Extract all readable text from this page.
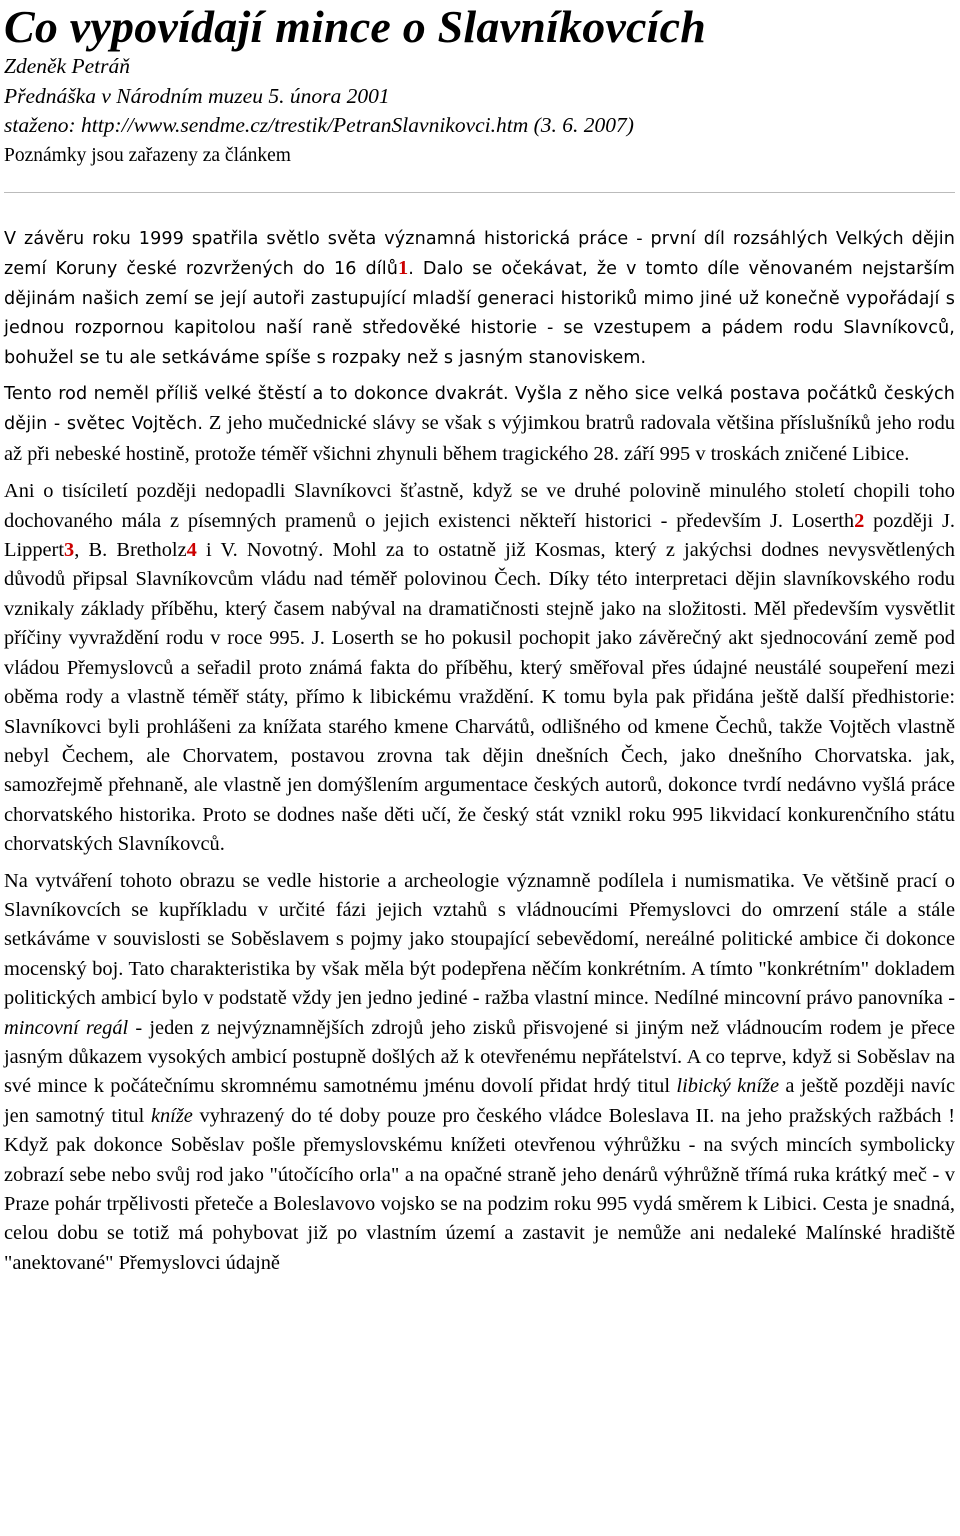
Co vypovídají mince o Slavníkovcích
Zdeněk Petráň
Přednáška v Národním muzeu 5. února 2001
staženo: http://www.sendme.cz/trestik/PetranSlavnikovci.htm (3. 6. 2007)
Poznámky jsou zařazeny za článkem

V závěru roku 1999 spatřila světlo světa významná historická práce - první díl rozsáhlých Velkých dějin zemí Koruny české rozvržených do 16 dílů1. Dalo se očekávat, že v tomto díle věnovaném nejstarším dějinám našich zemí se její autoři zastupující mladší generaci historiků mimo jiné už konečně vypořádají s jednou rozpornou kapitolou naší raně středověké historie - se vzestupem a pádem rodu Slavníkovců, bohužel se tu ale setkáváme spíše s rozpaky než s jasným stanoviskem.

Tento rod neměl příliš velké štěstí a to dokonce dvakrát. Vyšla z něho sice velká postava počátků českých dějin - světec Vojtěch. Z jeho mučednické slávy se však s výjimkou bratrů radovala většina příslušníků jeho rodu až při nebeské hostině, protože téměř všichni zhynuli během tragického 28. září 995 v troskách zničené Libice.

Ani o tisíciletí později nedopadli Slavníkovci šťastně, když se ve druhé polovině minulého století chopili toho dochovaného mála z písemných pramenů o jejich existenci někteří historici - především J. Loserth2 později J. Lippert3, B. Bretholz4 i V. Novotný. Mohl za to ostatně již Kosmas, který z jakýchsi dodnes nevysvětlených důvodů připsal Slavníkovcům vládu nad téměř polovinou Čech. Díky této interpretaci dějin slavníkovského rodu vznikaly základy příběhu, který časem nabýval na dramatičnosti stejně jako na složitosti. Měl především vysvětlit příčiny vyvraždění rodu v roce 995. J. Loserth se ho pokusil pochopit jako závěrečný akt sjednocování země pod vládou Přemyslovců a seřadil proto známá fakta do příběhu, který směřoval přes údajné neustálé soupeření mezi oběma rody a vlastně téměř státy, přímo k libickému vraždění. K tomu byla pak přidána ještě další předhistorie: Slavníkovci byli prohlášeni za knížata starého kmene Charvátů, odlišného od kmene Čechů, takže Vojtěch vlastně nebyl Čechem, ale Chorvatem, postavou zrovna tak dějin dnešních Čech, jako dnešního Chorvatska. jak, samozřejmě přehnaně, ale vlastně jen domýšlením argumentace českých autorů, dokonce tvrdí nedávno vyšlá práce chorvatského historika. Proto se dodnes naše děti učí, že český stát vznikl roku 995 likvidací konkurenčního státu chorvatských Slavníkovců.

Na vytváření tohoto obrazu se vedle historie a archeologie významně podílela i numismatika. Ve většině prací o Slavníkovcích se kupříkladu v určité fázi jejich vztahů s vládnoucími Přemyslovci do omrzení stále a stále setkáváme v souvislosti se Soběslavem s pojmy jako stoupající sebevědomí, nereálné politické ambice či dokonce mocenský boj. Tato charakteristika by však měla být podepřena něčím konkrétním. A tímto "konkrétním" dokladem politických ambicí bylo v podstatě vždy jen jedno jediné - ražba vlastní mince. Nedílné mincovní právo panovníka - mincovní regál - jeden z nejvýznamnějších zdrojů jeho zisků přisvojené si jiným než vládnoucím rodem je přece jasným důkazem vysokých ambicí postupně došlých až k otevřenému nepřátelství. A co teprve, když si Soběslav na své mince k počátečnímu skromnému samotnému jménu dovolí přidat hrdý titul libický kníže a ještě později navíc jen samotný titul kníže vyhrazený do té doby pouze pro českého vládce Boleslava II. na jeho pražských ražbách ! Když pak dokonce Soběslav pošle přemyslovskému knížeti otevřenou výhrůžku - na svých mincích symbolicky zobrazí sebe nebo svůj rod jako "útočícího orla" a na opačné straně jeho denárů výhrůžně třímá ruka krátký meč - v Praze pohár trpělivosti přeteče a Boleslavovo vojsko se na podzim roku 995 vydá směrem k Libici. Cesta je snadná, celou dobu se totiž má pohybovat již po vlastním území a zastavit je nemůže ani nedaleké Malínské hradiště "anektované" Přemyslovci údajně
